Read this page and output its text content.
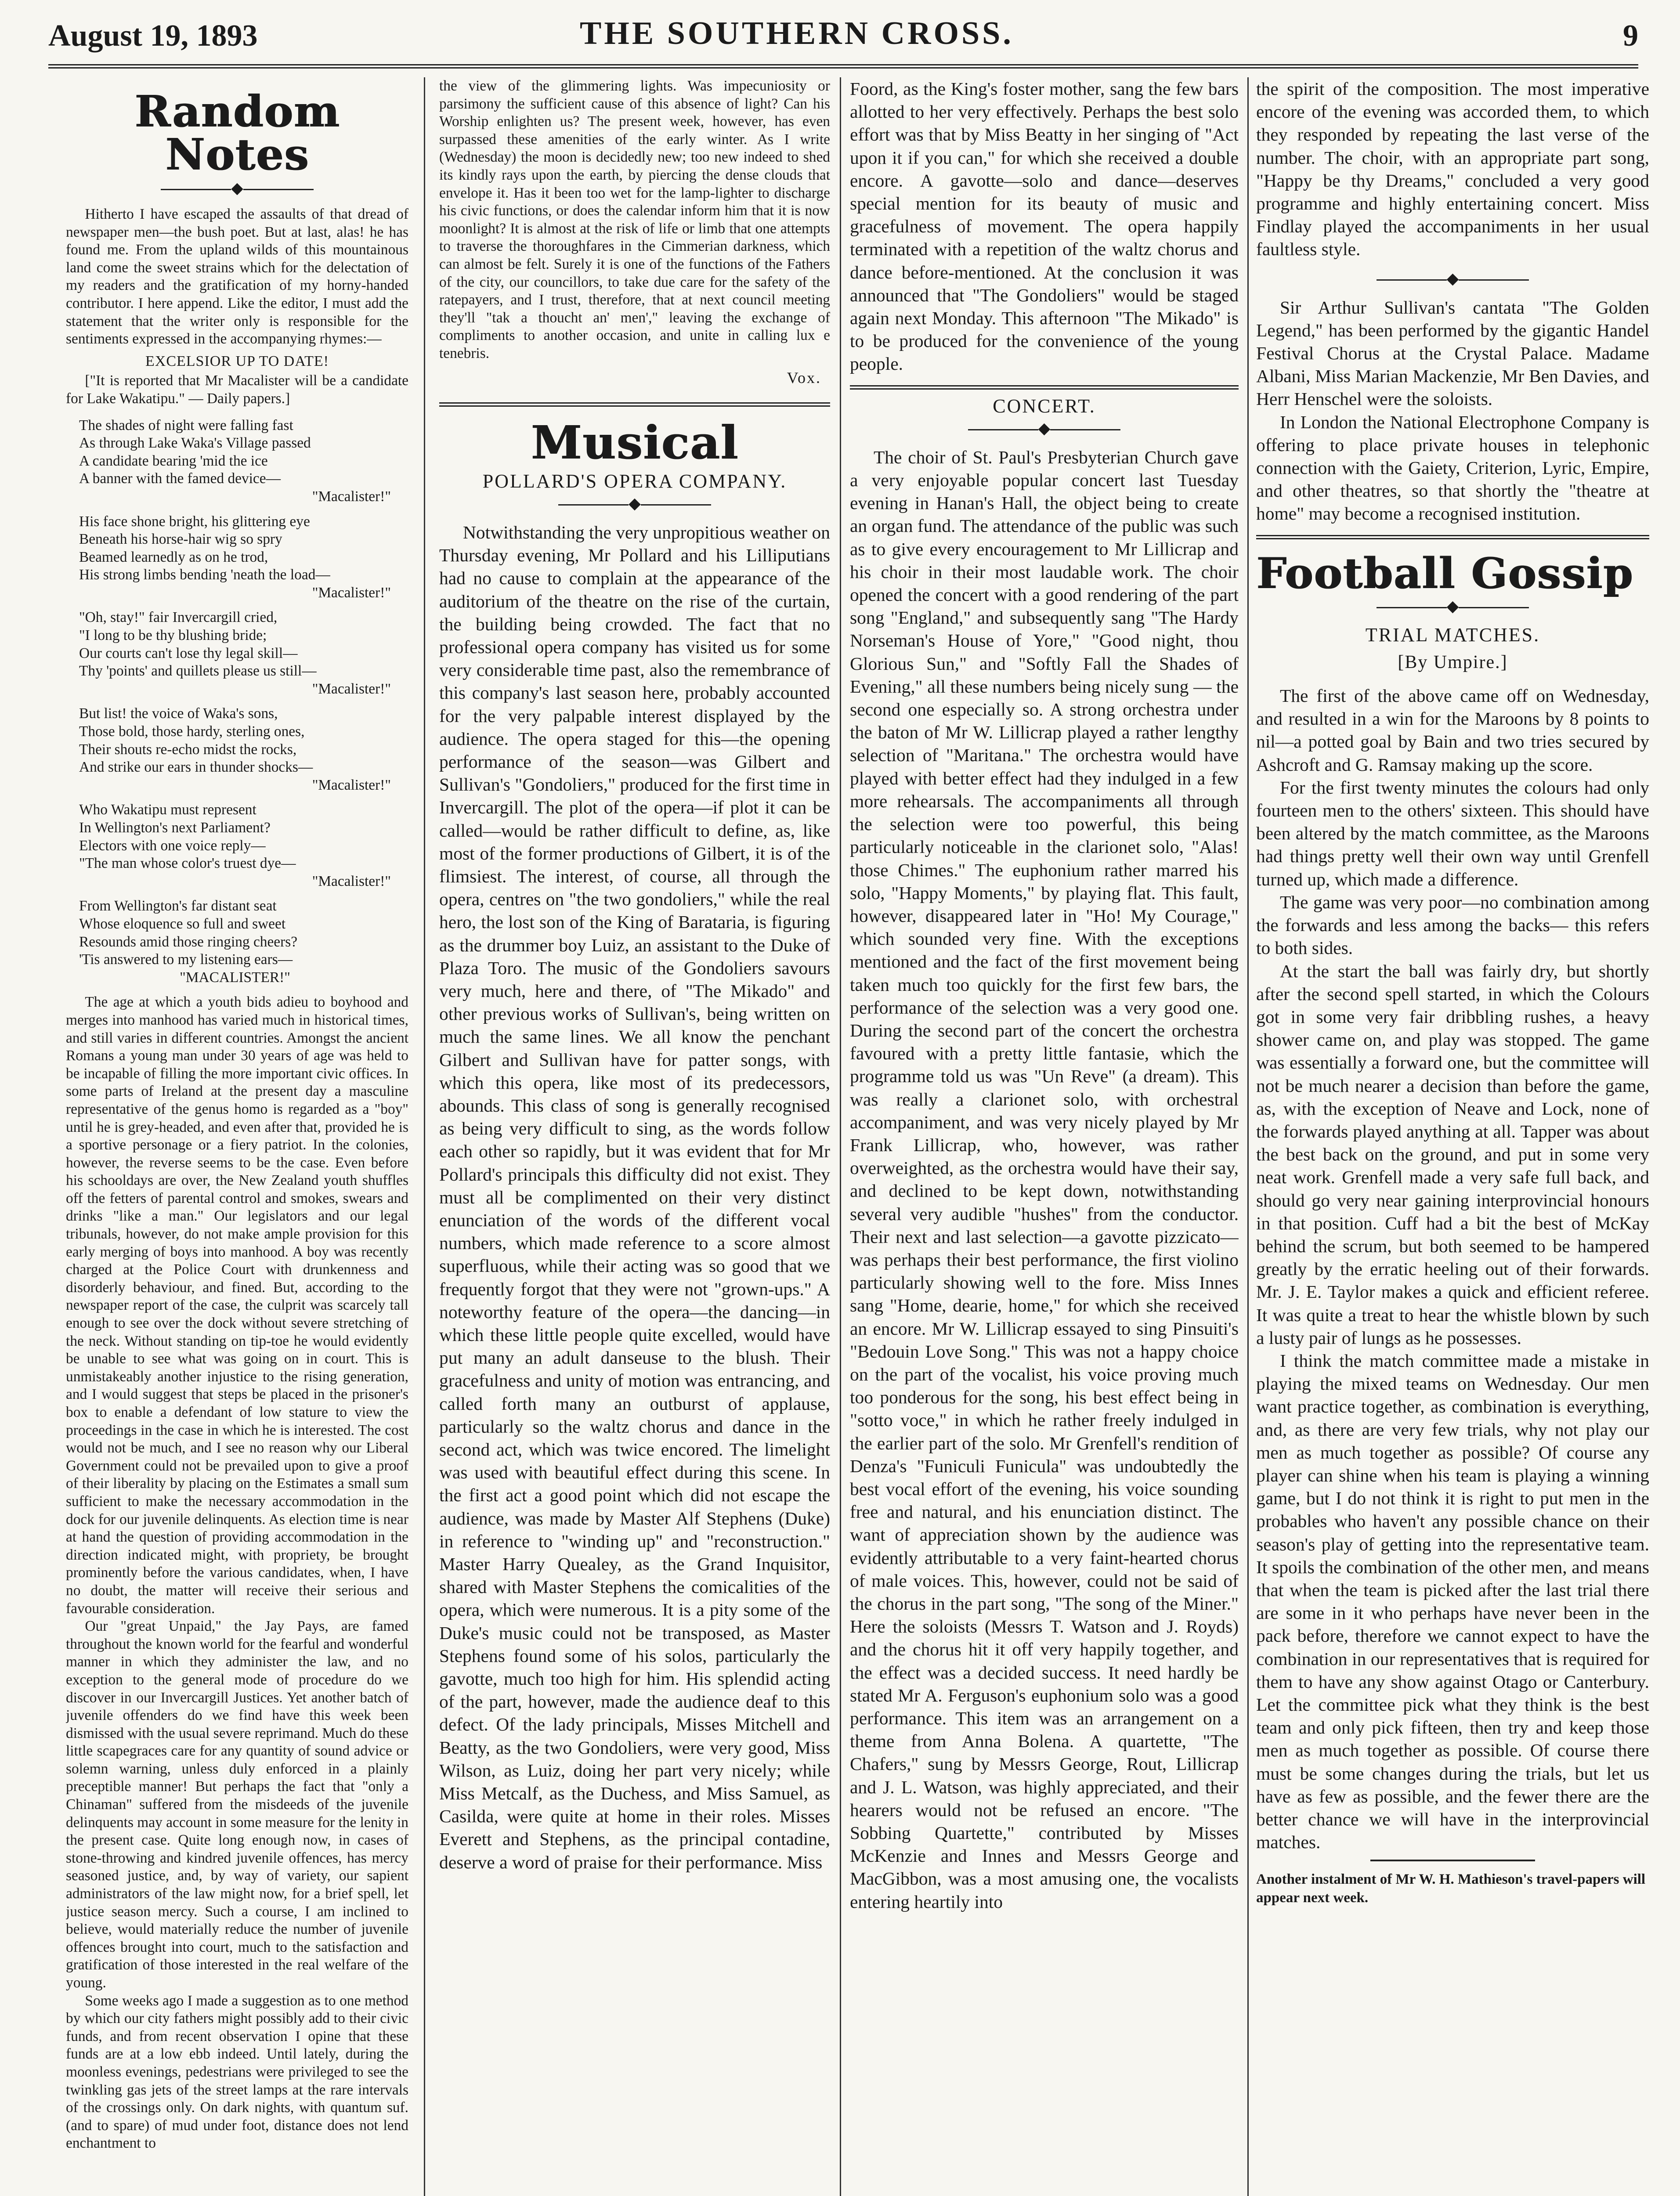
August 19, 1893	THE SOUTHERN CROSS.	9
Random Notes
◆

Hitherto I have escaped the assaults of that dread of newspaper men—the bush poet. But at last, alas! he has found me. From the upland wilds of this mountainous land come the sweet strains which for the delectation of my readers and the gratification of my horny-handed contributor. I here append. Like the editor, I must add the statement that the writer only is responsible for the sentiments expressed in the accompanying rhymes:—

EXCELSIOR UP TO DATE!

["It is reported that Mr Macalister will be a candidate for Lake Wakatipu." — Daily papers.]

The shades of night were falling fast
As through Lake Waka's Village passed
A candidate bearing 'mid the ice
A banner with the famed device—
"Macalister!"
His face shone bright, his glittering eye
Beneath his horse-hair wig so spry
Beamed learnedly as on he trod,
His strong limbs bending 'neath the load—
"Macalister!"
"Oh, stay!" fair Invercargill cried,
"I long to be thy blushing bride;
Our courts can't lose thy legal skill—
Thy 'points' and quillets please us still—
"Macalister!"
But list! the voice of Waka's sons,
Those bold, those hardy, sterling ones,
Their shouts re-echo midst the rocks,
And strike our ears in thunder shocks—
"Macalister!"
Who Wakatipu must represent
In Wellington's next Parliament?
Electors with one voice reply—
"The man whose color's truest dye—
"Macalister!"
From Wellington's far distant seat
Whose eloquence so full and sweet
Resounds amid those ringing cheers?
'Tis answered to my listening ears—
"MACALISTER!"

The age at which a youth bids adieu to boyhood and merges into manhood has varied much in historical times, and still varies in different countries. Amongst the ancient Romans a young man under 30 years of age was held to be incapable of filling the more important civic offices. In some parts of Ireland at the present day a masculine representative of the genus homo is regarded as a "boy" until he is grey-headed, and even after that, provided he is a sportive personage or a fiery patriot. In the colonies, however, the reverse seems to be the case. Even before his schooldays are over, the New Zealand youth shuffles off the fetters of parental control and smokes, swears and drinks "like a man." Our legislators and our legal tribunals, however, do not make ample provision for this early merging of boys into manhood. A boy was recently charged at the Police Court with drunkenness and disorderly behaviour, and fined. But, according to the newspaper report of the case, the culprit was scarcely tall enough to see over the dock without severe stretching of the neck. Without standing on tip-toe he would evidently be unable to see what was going on in court. This is unmistakeably another injustice to the rising generation, and I would suggest that steps be placed in the prisoner's box to enable a defendant of low stature to view the proceedings in the case in which he is interested. The cost would not be much, and I see no reason why our Liberal Government could not be prevailed upon to give a proof of their liberality by placing on the Estimates a small sum sufficient to make the necessary accommodation in the dock for our juvenile delinquents. As election time is near at hand the question of providing accommodation in the direction indicated might, with propriety, be brought prominently before the various candidates, when, I have no doubt, the matter will receive their serious and favourable consideration.

Our "great Unpaid," the Jay Pays, are famed throughout the known world for the fearful and wonderful manner in which they administer the law, and no exception to the general mode of procedure do we discover in our Invercargill Justices. Yet another batch of juvenile offenders do we find have this week been dismissed with the usual severe reprimand. Much do these little scapegraces care for any quantity of sound advice or solemn warning, unless duly enforced in a plainly preceptible manner! But perhaps the fact that "only a Chinaman" suffered from the misdeeds of the juvenile delinquents may account in some measure for the lenity in the present case. Quite long enough now, in cases of stone-throwing and kindred juvenile offences, has mercy seasoned justice, and, by way of variety, our sapient administrators of the law might now, for a brief spell, let justice season mercy. Such a course, I am inclined to believe, would materially reduce the number of juvenile offences brought into court, much to the satisfaction and gratification of those interested in the real welfare of the young.

Some weeks ago I made a suggestion as to one method by which our city fathers might possibly add to their civic funds, and from recent observation I opine that these funds are at a low ebb indeed. Until lately, during the moonless evenings, pedestrians were privileged to see the twinkling gas jets of the street lamps at the rare intervals of the crossings only. On dark nights, with quantum suf. (and to spare) of mud under foot, distance does not lend enchantment to

the view of the glimmering lights. Was impecuniosity or parsimony the sufficient cause of this absence of light? Can his Worship enlighten us? The present week, however, has even surpassed these amenities of the early winter. As I write (Wednesday) the moon is decidedly new; too new indeed to shed its kindly rays upon the earth, by piercing the dense clouds that envelope it. Has it been too wet for the lamp-lighter to discharge his civic functions, or does the calendar inform him that it is now moonlight? It is almost at the risk of life or limb that one attempts to traverse the thoroughfares in the Cimmerian darkness, which can almost be felt. Surely it is one of the functions of the Fathers of the city, our councillors, to take due care for the safety of the ratepayers, and I trust, therefore, that at next council meeting they'll "tak a thoucht an' men'," leaving the exchange of compliments to another occasion, and unite in calling lux e tenebris.

Vox.
Musical
POLLARD'S OPERA COMPANY.
◆

Notwithstanding the very unpropitious weather on Thursday evening, Mr Pollard and his Lilliputians had no cause to complain at the appearance of the auditorium of the theatre on the rise of the curtain, the building being crowded. The fact that no professional opera company has visited us for some very considerable time past, also the remembrance of this company's last season here, probably accounted for the very palpable interest displayed by the audience. The opera staged for this—the opening performance of the season—was Gilbert and Sullivan's "Gondoliers," produced for the first time in Invercargill. The plot of the opera—if plot it can be called—would be rather difficult to define, as, like most of the former productions of Gilbert, it is of the flimsiest. The interest, of course, all through the opera, centres on "the two gondoliers," while the real hero, the lost son of the King of Barataria, is figuring as the drummer boy Luiz, an assistant to the Duke of Plaza Toro. The music of the Gondoliers savours very much, here and there, of "The Mikado" and other previous works of Sullivan's, being written on much the same lines. We all know the penchant Gilbert and Sullivan have for patter songs, with which this opera, like most of its predecessors, abounds. This class of song is generally recognised as being very difficult to sing, as the words follow each other so rapidly, but it was evident that for Mr Pollard's principals this difficulty did not exist. They must all be complimented on their very distinct enunciation of the words of the different vocal numbers, which made reference to a score almost superfluous, while their acting was so good that we frequently forgot that they were not "grown-ups." A noteworthy feature of the opera—the dancing—in which these little people quite excelled, would have put many an adult danseuse to the blush. Their gracefulness and unity of motion was entrancing, and called forth many an outburst of applause, particularly so the waltz chorus and dance in the second act, which was twice encored. The limelight was used with beautiful effect during this scene. In the first act a good point which did not escape the audience, was made by Master Alf Stephens (Duke) in reference to "winding up" and "reconstruction." Master Harry Quealey, as the Grand Inquisitor, shared with Master Stephens the comicalities of the opera, which were numerous. It is a pity some of the Duke's music could not be transposed, as Master Stephens found some of his solos, particularly the gavotte, much too high for him. His splendid acting of the part, however, made the audience deaf to this defect. Of the lady principals, Misses Mitchell and Beatty, as the two Gondoliers, were very good, Miss Wilson, as Luiz, doing her part very nicely; while Miss Metcalf, as the Duchess, and Miss Samuel, as Casilda, were quite at home in their roles. Misses Everett and Stephens, as the principal contadine, deserve a word of praise for their performance. Miss

Foord, as the King's foster mother, sang the few bars allotted to her very effectively. Perhaps the best solo effort was that by Miss Beatty in her singing of "Act upon it if you can," for which she received a double encore. A gavotte—solo and dance—deserves special mention for its beauty of music and gracefulness of movement. The opera happily terminated with a repetition of the waltz chorus and dance before-mentioned. At the conclusion it was announced that "The Gondoliers" would be staged again next Monday. This afternoon "The Mikado" is to be produced for the convenience of the young people.

CONCERT.
◆

The choir of St. Paul's Presbyterian Church gave a very enjoyable popular concert last Tuesday evening in Hanan's Hall, the object being to create an organ fund. The attendance of the public was such as to give every encouragement to Mr Lillicrap and his choir in their most laudable work. The choir opened the concert with a good rendering of the part song "England," and subsequently sang "The Hardy Norseman's House of Yore," "Good night, thou Glorious Sun," and "Softly Fall the Shades of Evening," all these numbers being nicely sung — the second one especially so. A strong orchestra under the baton of Mr W. Lillicrap played a rather lengthy selection of "Maritana." The orchestra would have played with better effect had they indulged in a few more rehearsals. The accompaniments all through the selection were too powerful, this being particularly noticeable in the clarionet solo, "Alas! those Chimes." The euphonium rather marred his solo, "Happy Moments," by playing flat. This fault, however, disappeared later in "Ho! My Courage," which sounded very fine. With the exceptions mentioned and the fact of the first movement being taken much too quickly for the first few bars, the performance of the selection was a very good one. During the second part of the concert the orchestra favoured with a pretty little fantasie, which the programme told us was "Un Reve" (a dream). This was really a clarionet solo, with orchestral accompaniment, and was very nicely played by Mr Frank Lillicrap, who, however, was rather overweighted, as the orchestra would have their say, and declined to be kept down, notwithstanding several very audible "hushes" from the conductor. Their next and last selection—a gavotte pizzicato—was perhaps their best performance, the first violino particularly showing well to the fore. Miss Innes sang "Home, dearie, home," for which she received an encore. Mr W. Lillicrap essayed to sing Pinsuiti's "Bedouin Love Song." This was not a happy choice on the part of the vocalist, his voice proving much too ponderous for the song, his best effect being in "sotto voce," in which he rather freely indulged in the earlier part of the solo. Mr Grenfell's rendition of Denza's "Funiculi Funicula" was undoubtedly the best vocal effort of the evening, his voice sounding free and natural, and his enunciation distinct. The want of appreciation shown by the audience was evidently attributable to a very faint-hearted chorus of male voices. This, however, could not be said of the chorus in the part song, "The song of the Miner." Here the soloists (Messrs T. Watson and J. Royds) and the chorus hit it off very happily together, and the effect was a decided success. It need hardly be stated Mr A. Ferguson's euphonium solo was a good performance. This item was an arrangement on a theme from Anna Bolena. A quartette, "The Chafers," sung by Messrs George, Rout, Lillicrap and J. L. Watson, was highly appreciated, and their hearers would not be refused an encore. "The Sobbing Quartette," contributed by Misses McKenzie and Innes and Messrs George and MacGibbon, was a most amusing one, the vocalists entering heartily into

the spirit of the composition. The most imperative encore of the evening was accorded them, to which they responded by repeating the last verse of the number. The choir, with an appropriate part song, "Happy be thy Dreams," concluded a very good programme and highly entertaining concert. Miss Findlay played the accompaniments in her usual faultless style.

◆

Sir Arthur Sullivan's cantata "The Golden Legend," has been performed by the gigantic Handel Festival Chorus at the Crystal Palace. Madame Albani, Miss Marian Mackenzie, Mr Ben Davies, and Herr Henschel were the soloists.

In London the National Electrophone Company is offering to place private houses in telephonic connection with the Gaiety, Criterion, Lyric, Empire, and other theatres, so that shortly the "theatre at home" may become a recognised institution.

Football Gossip
◆
TRIAL MATCHES.
[By Umpire.]

The first of the above came off on Wednesday, and resulted in a win for the Maroons by 8 points to nil—a potted goal by Bain and two tries secured by Ashcroft and G. Ramsay making up the score.

For the first twenty minutes the colours had only fourteen men to the others' sixteen. This should have been altered by the match committee, as the Maroons had things pretty well their own way until Grenfell turned up, which made a difference.

The game was very poor—no combination among the forwards and less among the backs— this refers to both sides.

At the start the ball was fairly dry, but shortly after the second spell started, in which the Colours got in some very fair dribbling rushes, a heavy shower came on, and play was stopped. The game was essentially a forward one, but the committee will not be much nearer a decision than before the game, as, with the exception of Neave and Lock, none of the forwards played anything at all. Tapper was about the best back on the ground, and put in some very neat work. Grenfell made a very safe full back, and should go very near gaining interprovincial honours in that position. Cuff had a bit the best of McKay behind the scrum, but both seemed to be hampered greatly by the erratic heeling out of their forwards. Mr. J. E. Taylor makes a quick and efficient referee. It was quite a treat to hear the whistle blown by such a lusty pair of lungs as he possesses.

I think the match committee made a mistake in playing the mixed teams on Wednesday. Our men want practice together, as combination is everything, and, as there are very few trials, why not play our men as much together as possible? Of course any player can shine when his team is playing a winning game, but I do not think it is right to put men in the probables who haven't any possible chance on their season's play of getting into the representative team. It spoils the combination of the other men, and means that when the team is picked after the last trial there are some in it who perhaps have never been in the pack before, therefore we cannot expect to have the combination in our representatives that is required for them to have any show against Otago or Canterbury. Let the committee pick what they think is the best team and only pick fifteen, then try and keep those men as much together as possible. Of course there must be some changes during the trials, but let us have as few as possible, and the fewer there are the better chance we will have in the interprovincial matches.

Another instalment of Mr W. H. Mathieson's travel-papers will appear next week.
